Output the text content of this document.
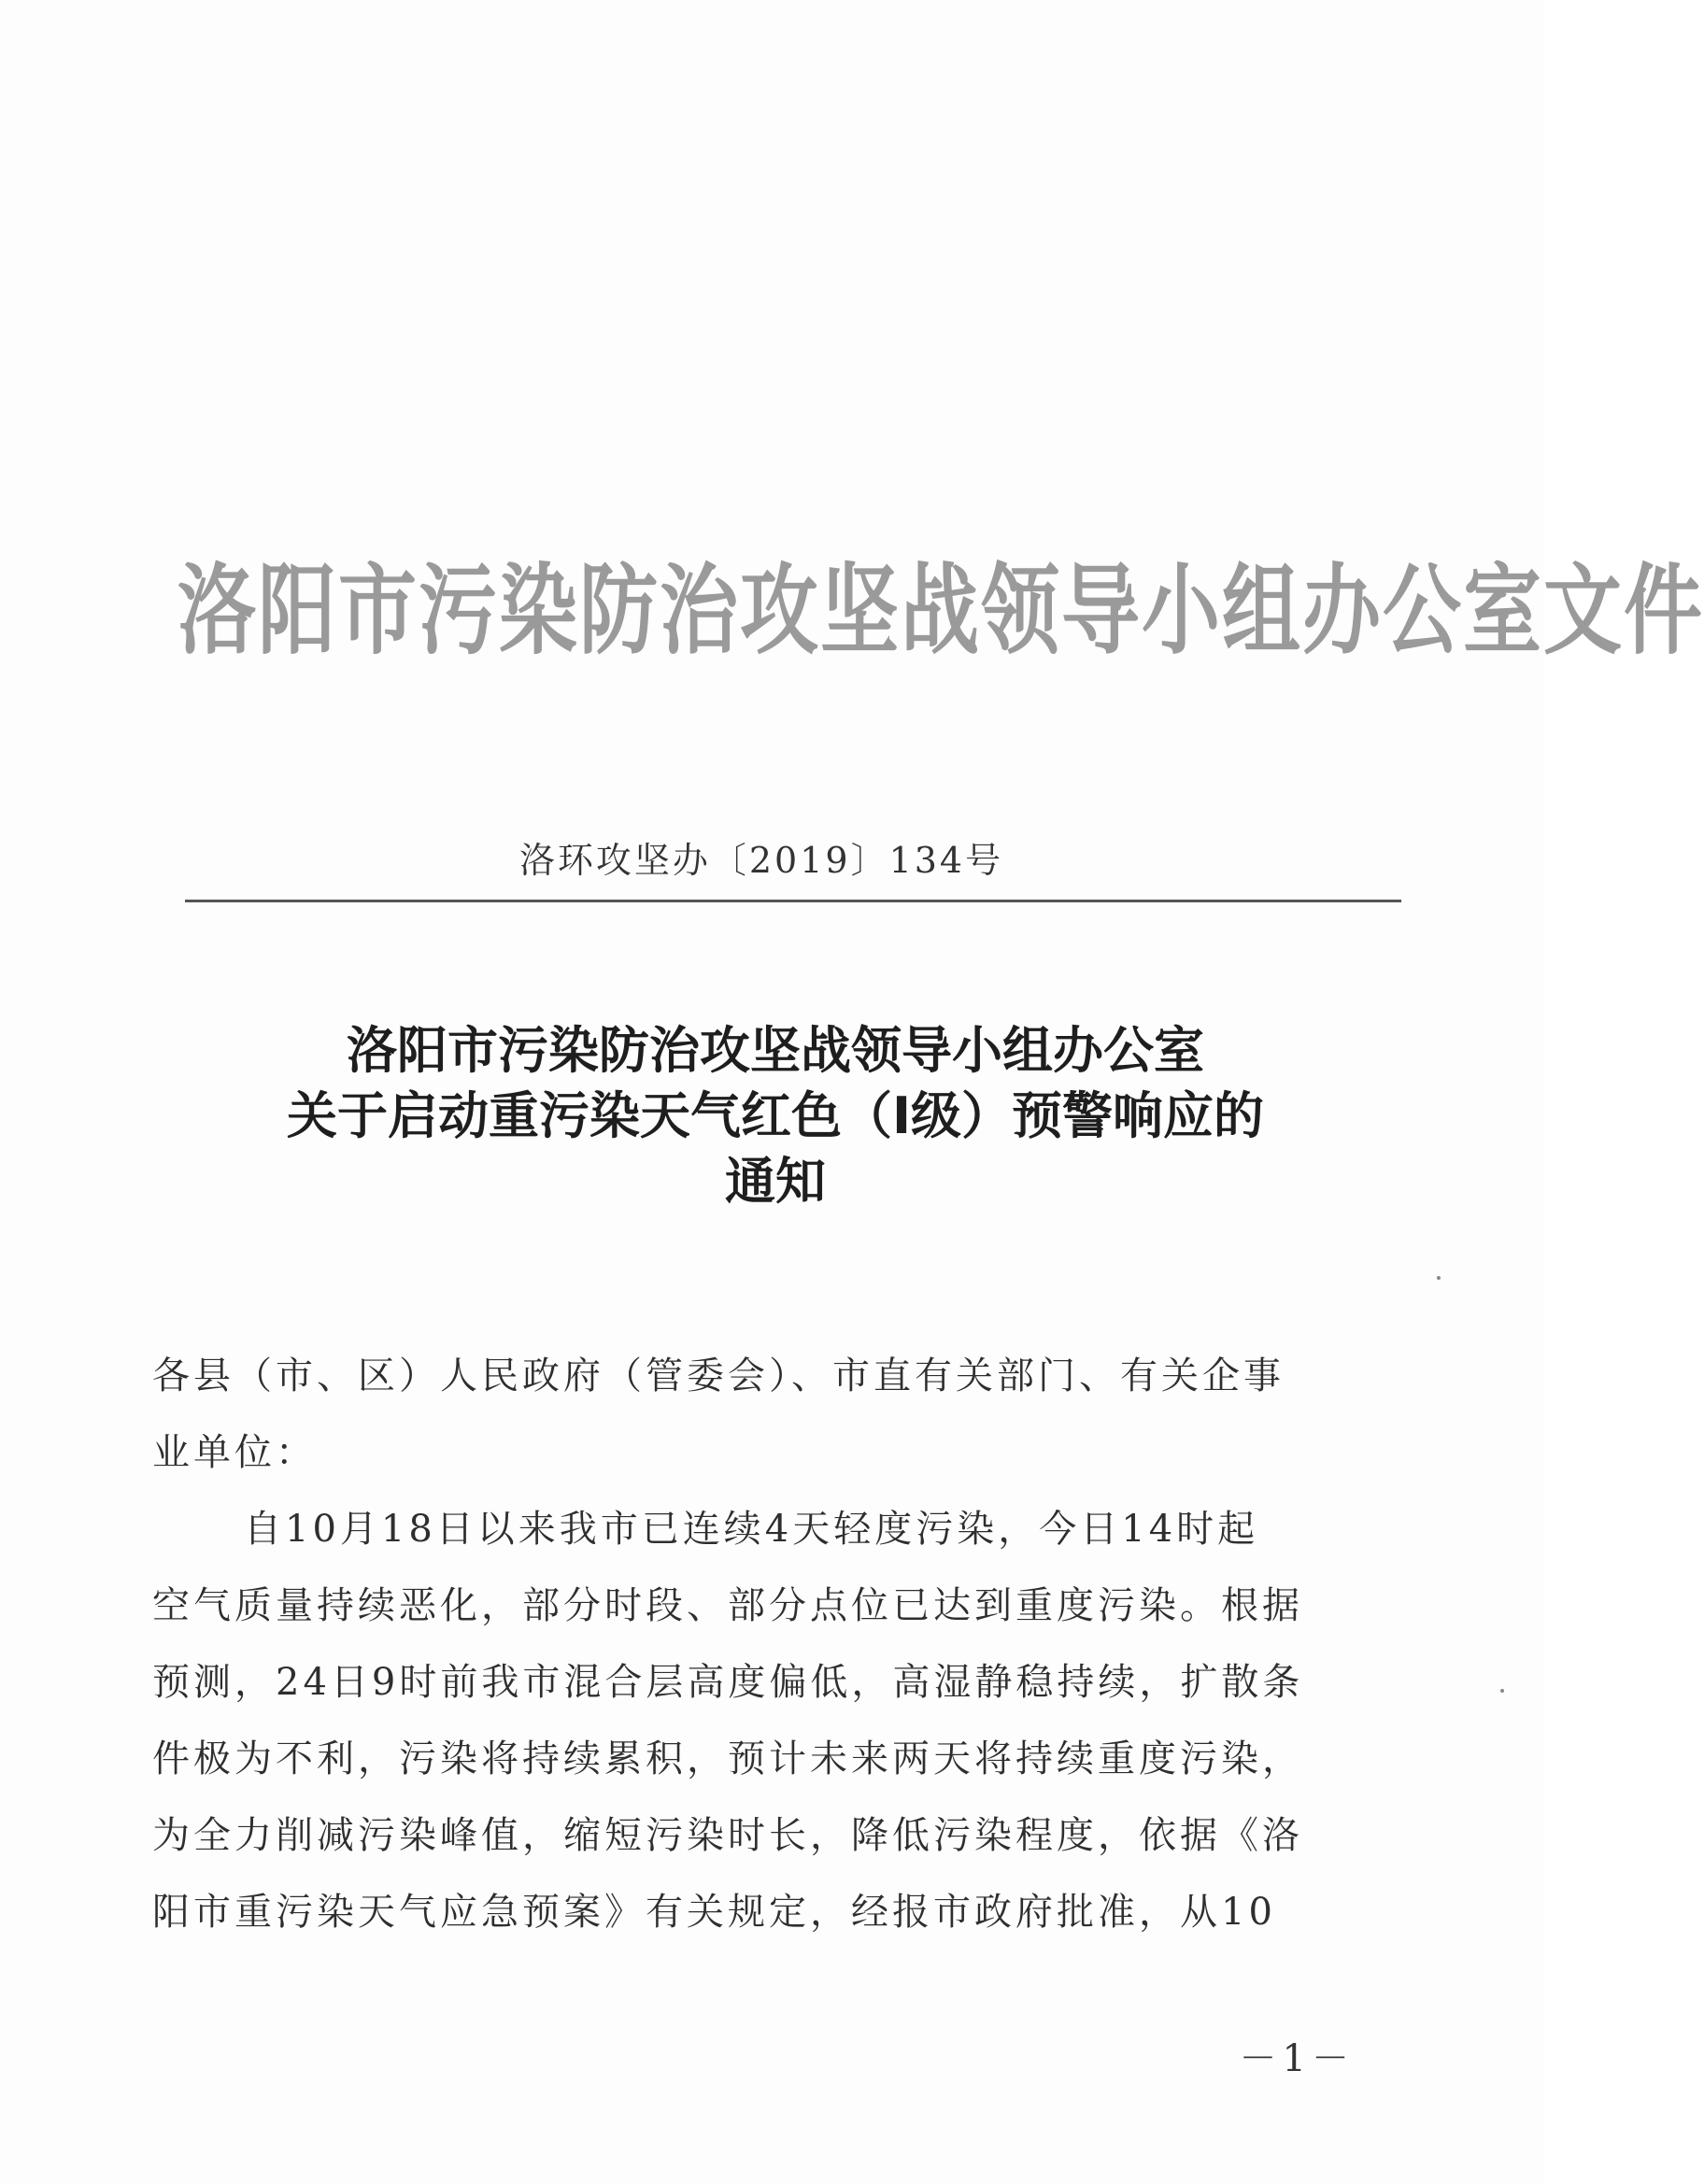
洛阳市污染防治攻坚战领导小组办公室文件
洛环攻坚办〔2019〕134号
洛阳市污染防治攻坚战领导小组办公室
关于启动重污染天气红色（Ⅰ级）预警响应的
通知
各县（市、区）人民政府（管委会）、市直有关部门、有关企事
业单位：
自10月18日以来我市已连续4天轻度污染，今日14时起
空气质量持续恶化，部分时段、部分点位已达到重度污染。根据
预测，24日9时前我市混合层高度偏低，高湿静稳持续，扩散条
件极为不利，污染将持续累积，预计未来两天将持续重度污染，
为全力削减污染峰值，缩短污染时长，降低污染程度，依据《洛
阳市重污染天气应急预案》有关规定，经报市政府批准，从10
－1－
